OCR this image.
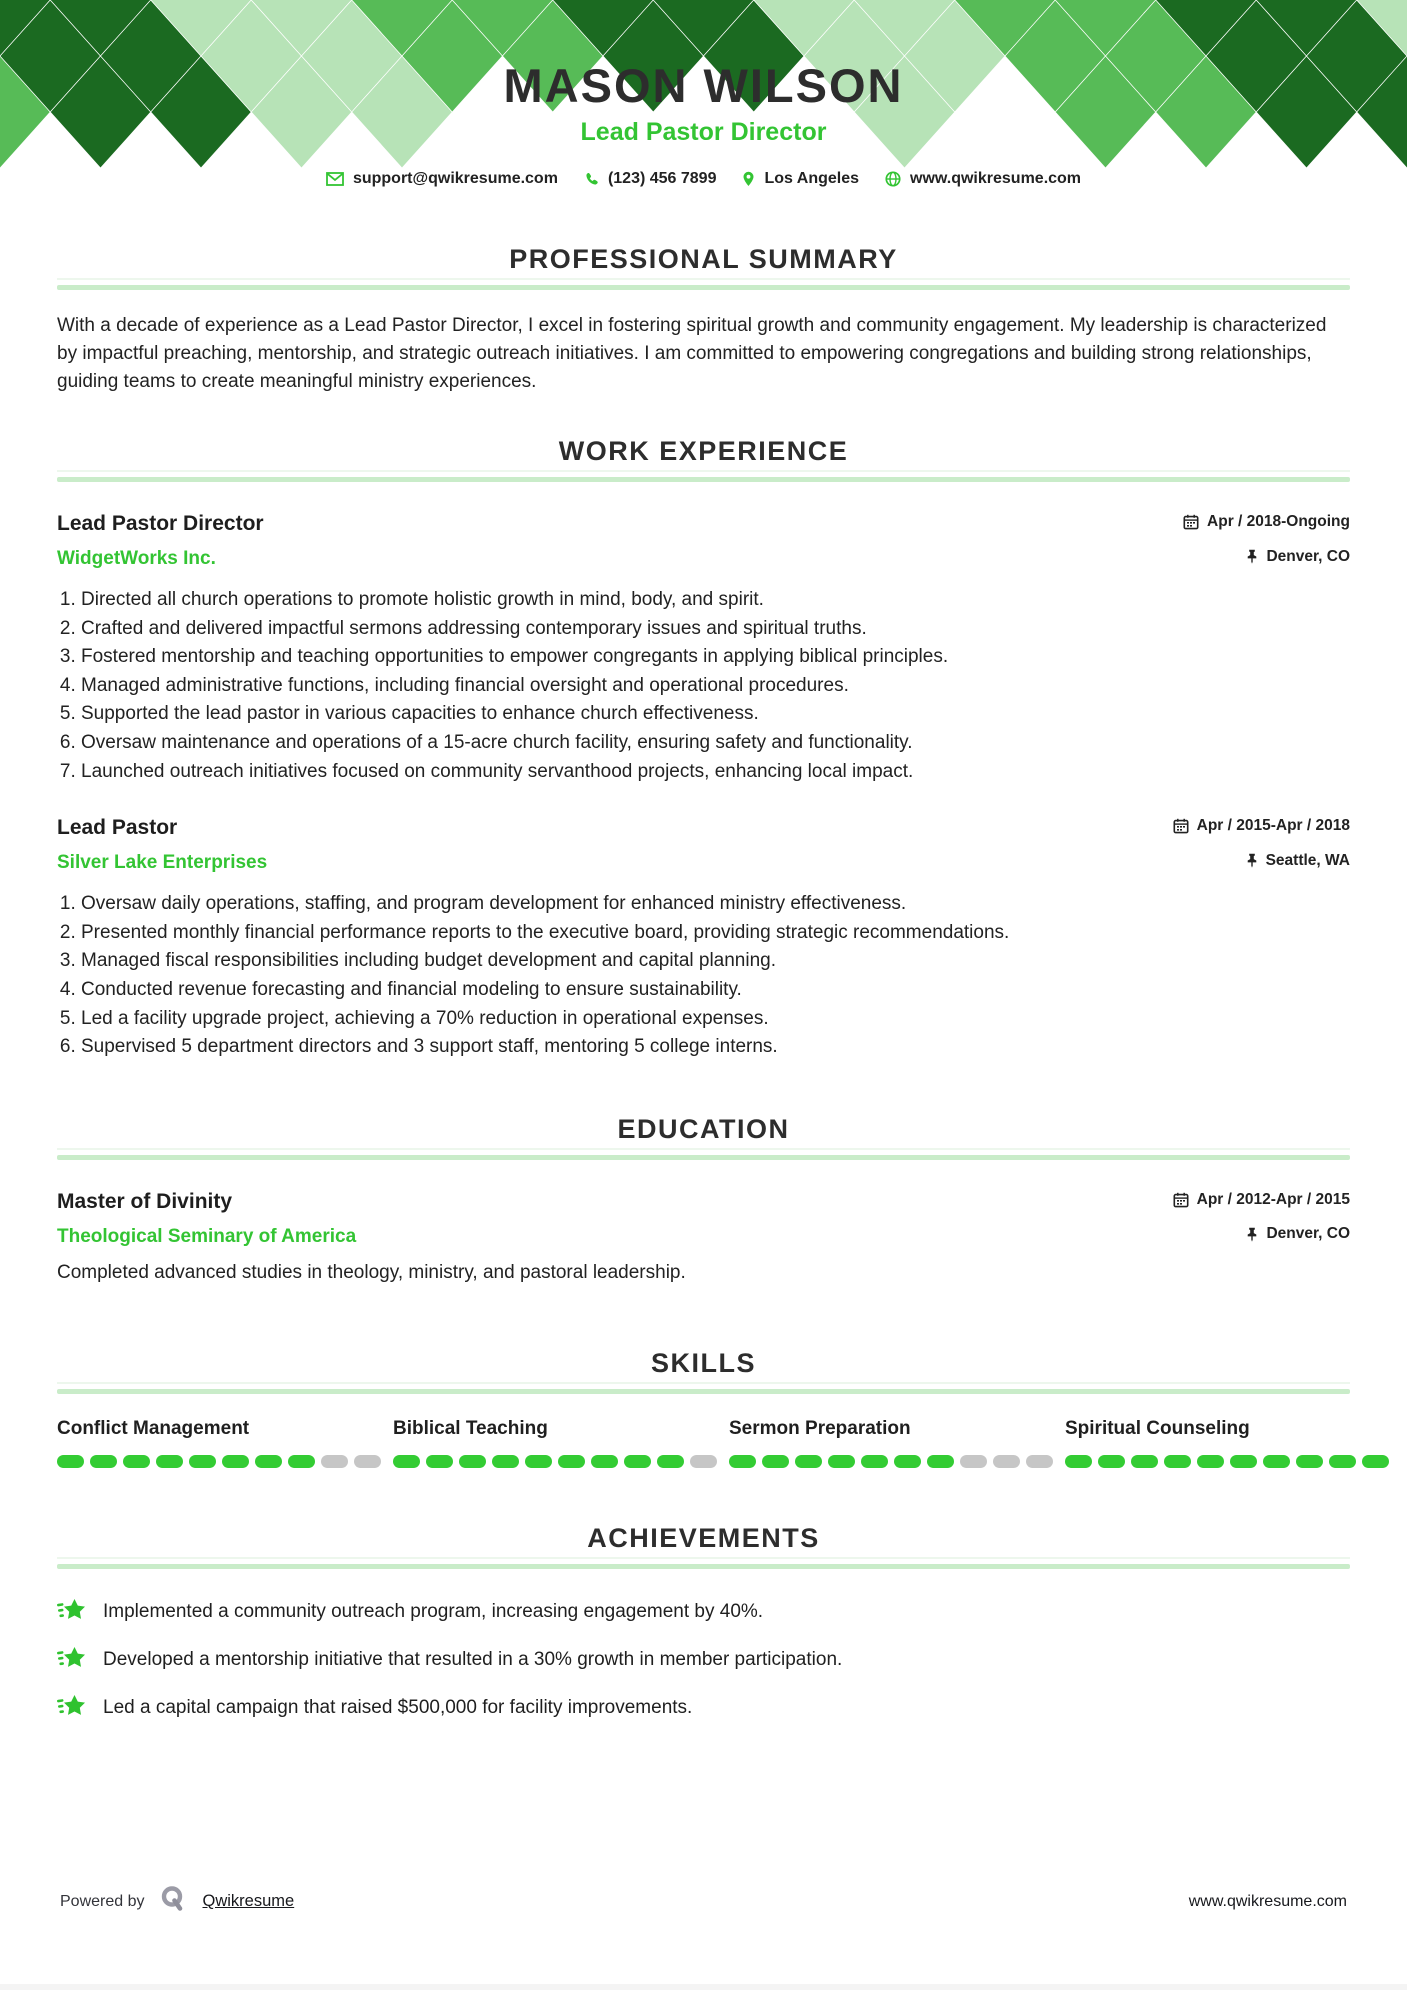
MASON WILSON
Lead Pastor Director
support@qwikresume.com	(123) 456 7899	Los Angeles	www.qwikresume.com
PROFESSIONAL SUMMARY

With a decade of experience as a Lead Pastor Director, I excel in fostering spiritual growth and community engagement. My leadership is characterized by impactful preaching, mentorship, and strategic outreach initiatives. I am committed to empowering congregations and building strong relationships, guiding teams to create meaningful ministry experiences.

WORK EXPERIENCE
Lead Pastor Director	Apr / 2018-Ongoing
WidgetWorks Inc.	Denver, CO
1. Directed all church operations to promote holistic growth in mind, body, and spirit.
2. Crafted and delivered impactful sermons addressing contemporary issues and spiritual truths.
3. Fostered mentorship and teaching opportunities to empower congregants in applying biblical principles.
4. Managed administrative functions, including financial oversight and operational procedures.
5. Supported the lead pastor in various capacities to enhance church effectiveness.
6. Oversaw maintenance and operations of a 15-acre church facility, ensuring safety and functionality.
7. Launched outreach initiatives focused on community servanthood projects, enhancing local impact.
Lead Pastor	Apr / 2015-Apr / 2018
Silver Lake Enterprises	Seattle, WA
1. Oversaw daily operations, staffing, and program development for enhanced ministry effectiveness.
2. Presented monthly financial performance reports to the executive board, providing strategic recommendations.
3. Managed fiscal responsibilities including budget development and capital planning.
4. Conducted revenue forecasting and financial modeling to ensure sustainability.
5. Led a facility upgrade project, achieving a 70% reduction in operational expenses.
6. Supervised 5 department directors and 3 support staff, mentoring 5 college interns.
EDUCATION
Master of Divinity	Apr / 2012-Apr / 2015
Theological Seminary of America	Denver, CO
Completed advanced studies in theology, ministry, and pastoral leadership.
SKILLS
Conflict Management	Biblical Teaching	Sermon Preparation	Spiritual Counseling
ACHIEVEMENTS
Implemented a community outreach program, increasing engagement by 40%.
Developed a mentorship initiative that resulted in a 30% growth in member participation.
Led a capital campaign that raised $500,000 for facility improvements.
Powered by	Qwikresume	www.qwikresume.com
